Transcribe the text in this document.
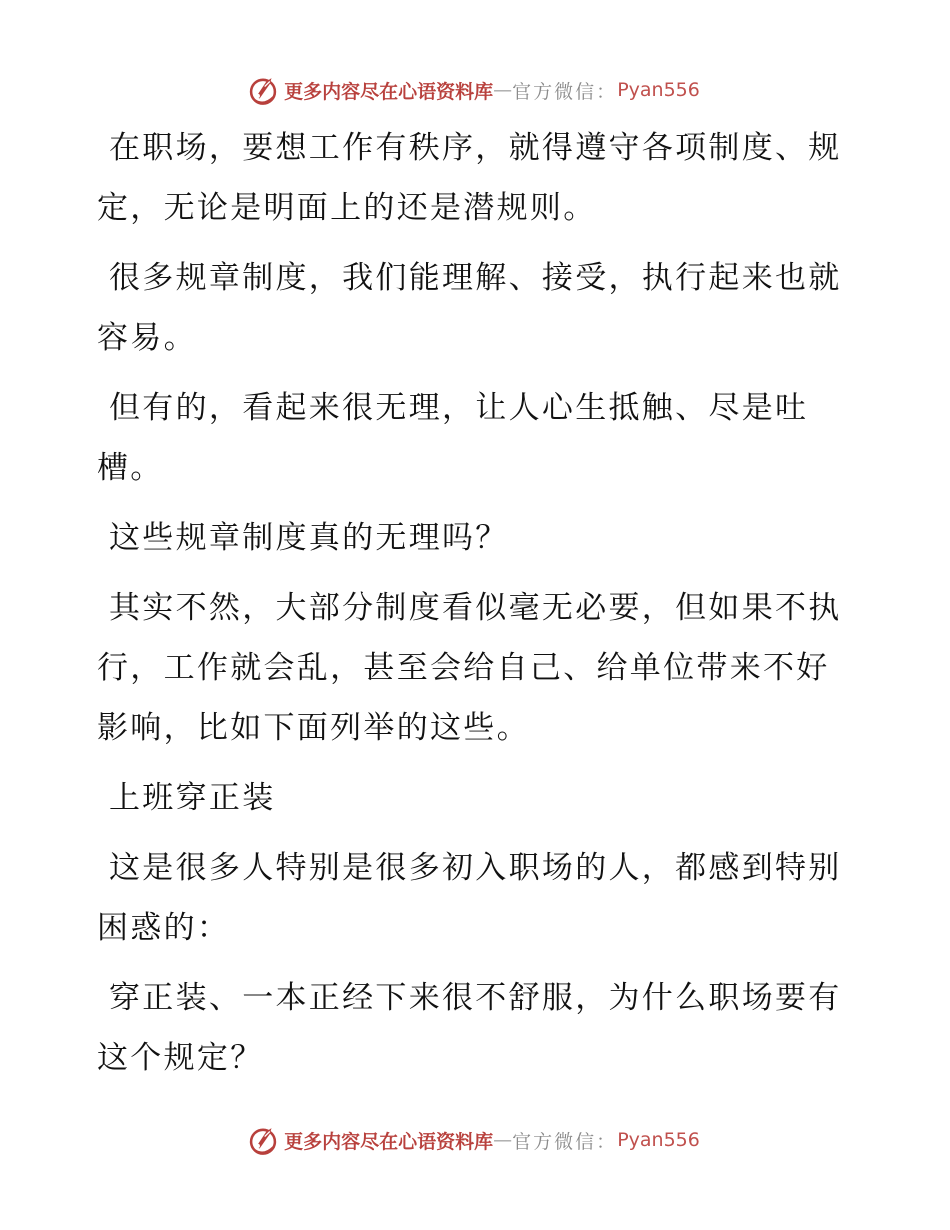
更多内容尽在心语资料库 — 官方微信： Pyan556

在职场，要想工作有秩序，就得遵守各项制度、规定，无论是明面上的还是潜规则。

很多规章制度，我们能理解、接受，执行起来也就容易。

但有的，看起来很无理，让人心生抵触、尽是吐槽。

这些规章制度真的无理吗？

其实不然，大部分制度看似毫无必要，但如果不执行，工作就会乱，甚至会给自己、给单位带来不好影响，比如下面列举的这些。

上班穿正装

这是很多人特别是很多初入职场的人，都感到特别困惑的：

穿正装、一本正经下来很不舒服，为什么职场要有这个规定？

更多内容尽在心语资料库 — 官方微信： Pyan556
